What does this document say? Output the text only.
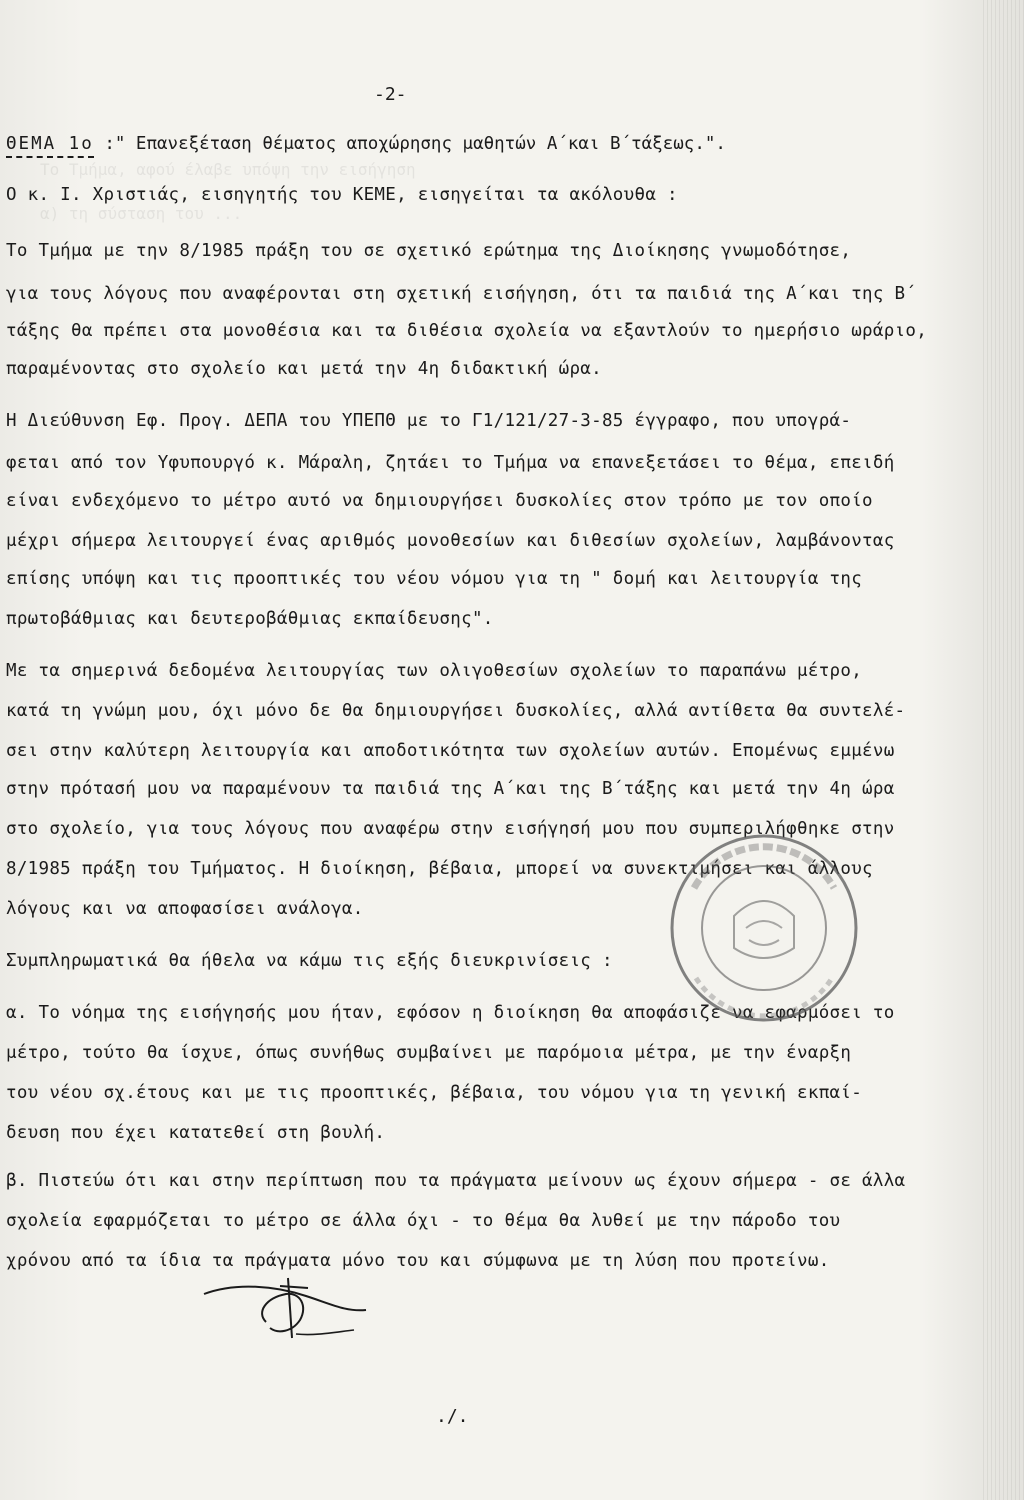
Το Τμήμα, αφού έλαβε υπόψη την εισήγηση
α) τη σύσταση του ...
-2-
ΘΕΜΑ 1ο :" Επανεξέταση θέματος αποχώρησης μαθητών Α΄και Β΄τάξεως.".
Ο κ. Ι. Χριστιάς, εισηγητής του ΚΕΜΕ, εισηγείται τα ακόλουθα :
Το Τμήμα με την 8/1985 πράξη του σε σχετικό ερώτημα της Διοίκησης γνωμοδότησε,
για τους λόγους που αναφέρονται στη σχετική εισήγηση, ότι τα παιδιά της Α΄και της Β΄
τάξης θα πρέπει στα μονοθέσια και τα διθέσια σχολεία να εξαντλούν το ημερήσιο ωράριο,
παραμένοντας στο σχολείο και μετά την 4η διδακτική ώρα.
Η Διεύθυνση Εφ. Προγ. ΔΕΠΑ του ΥΠΕΠΘ με το Γ1/121/27-3-85 έγγραφο, που υπογρά-
φεται από τον Υφυπουργό κ. Μάραλη, ζητάει το Τμήμα να επανεξετάσει το θέμα, επειδή
είναι ενδεχόμενο το μέτρο αυτό να δημιουργήσει δυσκολίες στον τρόπο με τον οποίο
μέχρι σήμερα λειτουργεί ένας αριθμός μονοθεσίων και διθεσίων σχολείων, λαμβάνοντας
επίσης υπόψη και τις προοπτικές του νέου νόμου για τη " δομή και λειτουργία της
πρωτοβάθμιας και δευτεροβάθμιας εκπαίδευσης".
Με τα σημερινά δεδομένα λειτουργίας των ολιγοθεσίων σχολείων το παραπάνω μέτρο,
κατά τη γνώμη μου, όχι μόνο δε θα δημιουργήσει δυσκολίες, αλλά αντίθετα θα συντελέ-
σει στην καλύτερη λειτουργία και αποδοτικότητα των σχολείων αυτών. Επομένως εμμένω
στην πρότασή μου να παραμένουν τα παιδιά της Α΄και της Β΄τάξης και μετά την 4η ώρα
στο σχολείο, για τους λόγους που αναφέρω στην εισήγησή μου που συμπεριλήφθηκε στην
8/1985 πράξη του Τμήματος. Η διοίκηση, βέβαια, μπορεί να συνεκτιμήσει και άλλους
λόγους και να αποφασίσει ανάλογα.
Συμπληρωματικά θα ήθελα να κάμω τις εξής διευκρινίσεις :
α. Το νόημα της εισήγησής μου ήταν, εφόσον η διοίκηση θα αποφάσιζε να εφαρμόσει το
μέτρο, τούτο θα ίσχυε, όπως συνήθως συμβαίνει με παρόμοια μέτρα, με την έναρξη
του νέου σχ.έτους και με τις προοπτικές, βέβαια, του νόμου για τη γενική εκπαί-
δευση που έχει κατατεθεί στη βουλή.
β. Πιστεύω ότι και στην περίπτωση που τα πράγματα μείνουν ως έχουν σήμερα - σε άλλα
σχολεία εφαρμόζεται το μέτρο σε άλλα όχι - το θέμα θα λυθεί με την πάροδο του
χρόνου από τα ίδια τα πράγματα μόνο του και σύμφωνα με τη λύση που προτείνω.
./.
